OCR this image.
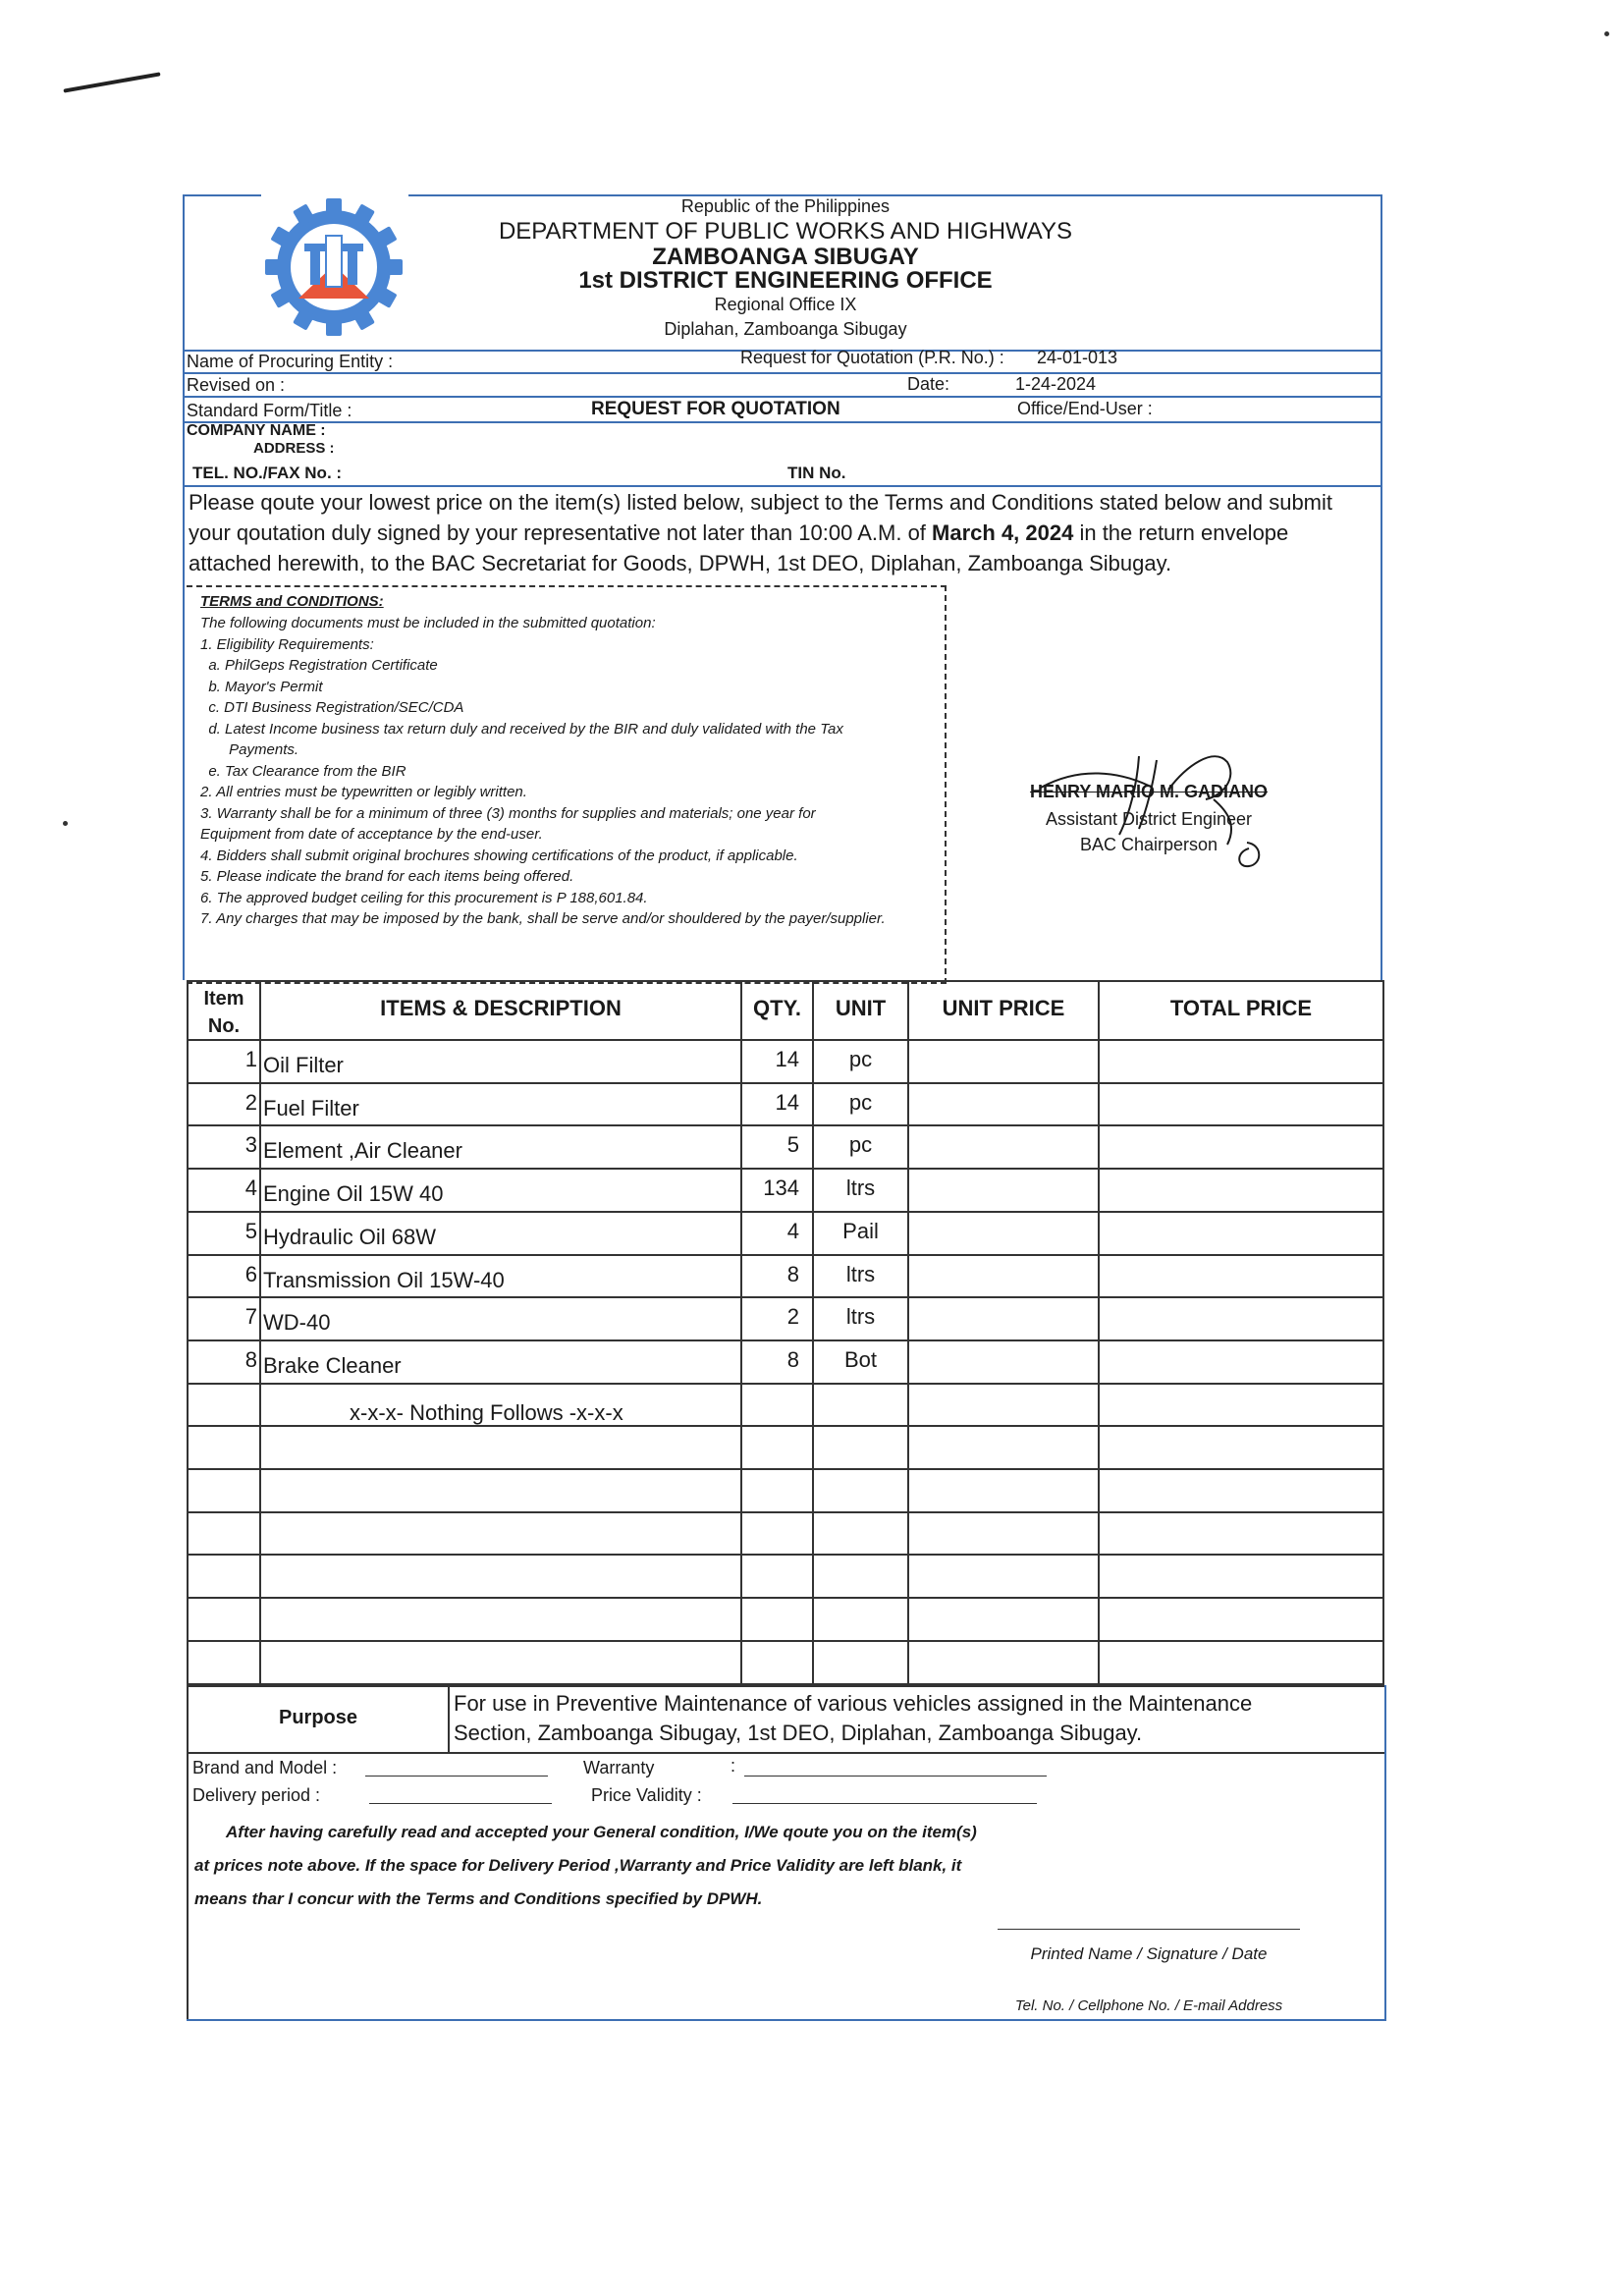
Republic of the Philippines
DEPARTMENT OF PUBLIC WORKS AND HIGHWAYS
ZAMBOANGA SIBUGAY
1st DISTRICT ENGINEERING OFFICE
Regional Office IX
Diplahan, Zamboanga Sibugay
Name of Procuring Entity :	Request for Quotation (P.R. No.) : 24-01-013
Revised on :	Date:	1-24-2024
Standard Form/Title :	REQUEST FOR QUOTATION	Office/End-User :
COMPANY NAME :
ADDRESS :
TEL. NO./FAX No. :	TIN No.
Please qoute your lowest price on the item(s) listed below, subject to the Terms and Conditions stated below and submit
your qoutation duly signed by your representative not later than 10:00 A.M. of March 4, 2024 in the return envelope
attached herewith, to the BAC Secretariat for Goods, DPWH, 1st DEO, Diplahan, Zamboanga Sibugay.
TERMS and CONDITIONS:
The following documents must be included in the submitted quotation:
1. Eligibility Requirements:
a. PhilGeps Registration Certificate
b. Mayor's Permit
c. DTI Business Registration/SEC/CDA
d. Latest Income business tax return duly and received by the BIR and duly validated with the Tax
Payments.
e. Tax Clearance from the BIR
2. All entries must be typewritten or legibly written.
3. Warranty shall be for a minimum of three (3) months for supplies and materials; one year for
Equipment from date of acceptance by the end-user.
4. Bidders shall submit original brochures showing certifications of the product, if applicable.
5. Please indicate the brand for each items being offered.
6. The approved budget ceiling for this procurement is P 188,601.84.
7. Any charges that may be imposed by the bank, shall be serve and/or shouldered by the payer/supplier.
HENRY MARIO M. GADIANO
Assistant District Engineer
BAC Chairperson
Item
No.
ITEMS & DESCRIPTION	QTY.	UNIT	UNIT PRICE	TOTAL PRICE
1 Oil Filter	14	pc
2 Fuel Filter	14	pc
3 Element ,Air Cleaner	5	pc
4 Engine Oil 15W 40	134	ltrs
5 Hydraulic Oil 68W	4	Pail
6 Transmission Oil 15W-40	8	ltrs
7 WD-40	2	ltrs
8 Brake Cleaner	8	Bot
x-x-x- Nothing Follows -x-x-x
Purpose
For use in Preventive Maintenance of various vehicles assigned in the Maintenance
Section, Zamboanga Sibugay, 1st DEO, Diplahan, Zamboanga Sibugay.
Brand and Model :	Warranty	:
Delivery period :	Price Validity :
After having carefully read and accepted your General condition, I/We qoute you on the item(s)
at prices note above. If the space for Delivery Period ,Warranty and Price Validity are left blank, it
means thar I concur with the Terms and Conditions specified by DPWH.
Printed Name / Signature / Date
Tel. No. / Cellphone No. / E-mail Address
